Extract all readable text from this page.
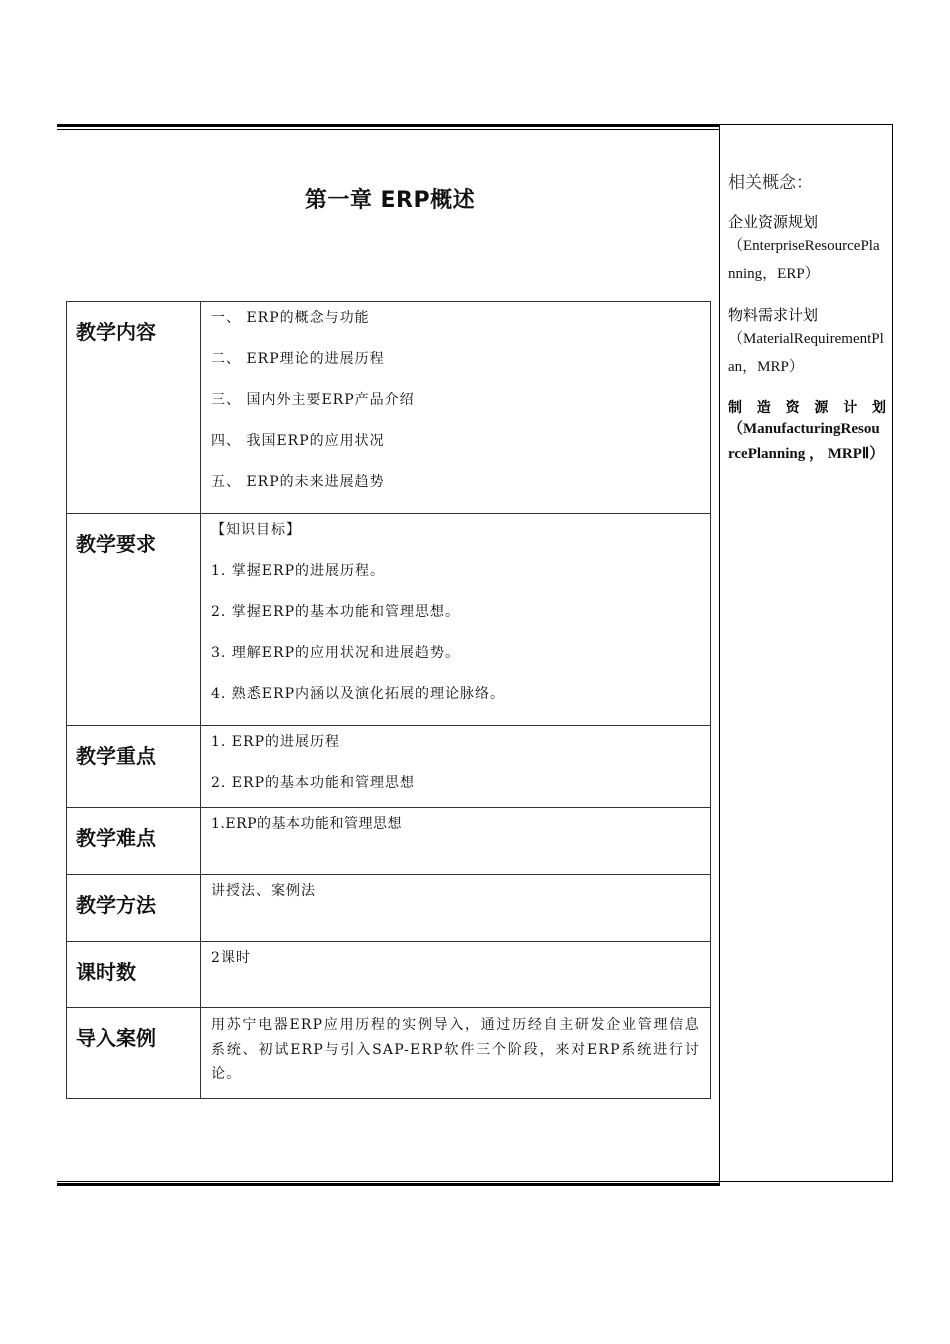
第一章 ERP概述
教学内容	一、 ERP的概念与功能
二、 ERP理论的进展历程
三、 国内外主要ERP产品介绍
四、 我国ERP的应用状况
五、 ERP的未来进展趋势

教学要求	【知识目标】
1. 掌握ERP的进展历程。
2. 掌握ERP的基本功能和管理思想。
3. 理解ERP的应用状况和进展趋势。
4. 熟悉ERP内涵以及演化拓展的理论脉络。

教学重点	1. ERP的进展历程
2. ERP的基本功能和管理思想

教学难点	1.ERP的基本功能和管理思想

教学方法	讲授法、案例法

课时数	2课时

导入案例	用苏宁电器ERP应用历程的实例导入，通过历经自主研发企业管理信息系统、初试ERP与引入SAP-ERP软件三个阶段，来对ERP系统进行讨论。
相关概念：
企业资源规划
（EnterpriseResourcePlanning，ERP）
物料需求计划
（MaterialRequirementPlan，MRP）
制 造 资 源 计 划
（ManufacturingResourcePlanning ， MRPⅡ）
